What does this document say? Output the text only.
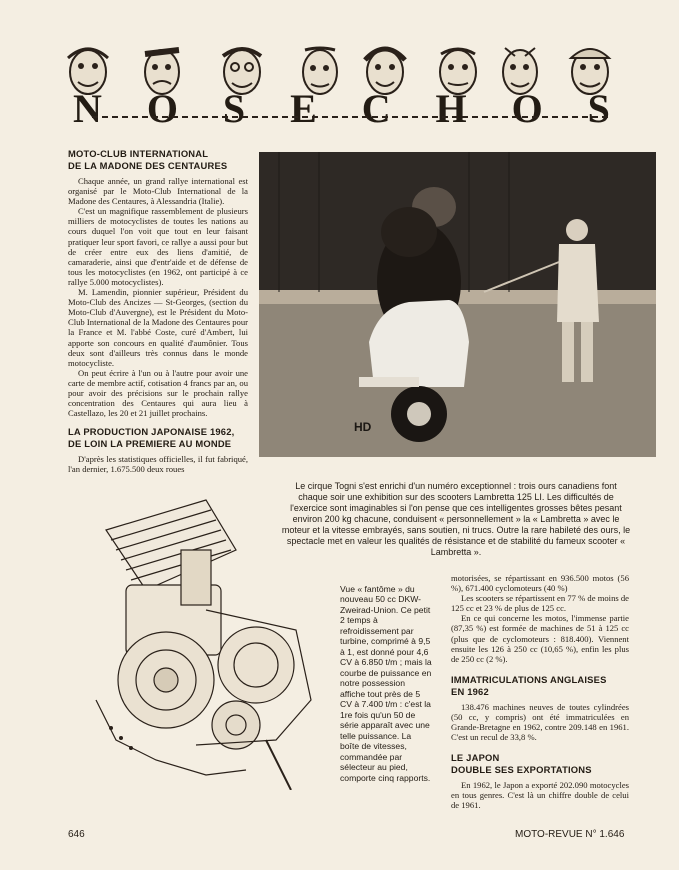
N O S E C H O S
MOTO-CLUB INTERNATIONAL
DE LA MADONE DES CENTAURES

Chaque année, un grand rallye international est organisé par le Moto-Club International de la Madone des Centaures, à Alessandria (Italie).

C'est un magnifique rassemblement de plusieurs milliers de motocyclistes de toutes les nations au cours duquel l'on voit que tout en leur faisant pratiquer leur sport favori, ce rallye a aussi pour but de créer entre eux des liens d'amitié, de camaraderie, ainsi que d'entr'aide et de défense de tous les motocyclistes (en 1962, ont participé à ce rallye 5.000 motocyclistes).

M. Lamendin, pionnier supérieur, Président du Moto-Club des Ancizes — St-Georges, (section du Moto-Club d'Auvergne), est le Président du Moto-Club International de la Madone des Centaures pour la France et M. l'abbé Coste, curé d'Ambert, lui apporte son concours en qualité d'aumônier. Tous deux sont d'ailleurs très connus dans le monde motocycliste.

On peut écrire à l'un ou à l'autre pour avoir une carte de membre actif, cotisation 4 francs par an, ou pour avoir des précisions sur le prochain rallye concentration des Centaures qui aura lieu à Castellazo, les 20 et 21 juillet prochains.

LA PRODUCTION JAPONAISE 1962,
DE LOIN LA PREMIERE AU MONDE

D'après les statistiques officielles, il fut fabriqué, l'an dernier, 1.675.500 deux roues

HD

Le cirque Togni s'est enrichi d'un numéro exceptionnel : trois ours canadiens font chaque soir une exhibition sur des scooters Lambretta 125 LI. Les difficultés de l'exercice sont imaginables si l'on pense que ces intelligentes grosses bêtes pesant environ 200 kg chacune, conduisent « personnellement » la « Lambretta » avec le moteur et la vitesse embrayés, sans soutien, ni trucs. Outre la rare habileté des ours, le spectacle met en valeur les qualités de résistance et de stabilité du fameux scooter « Lambretta ».

Vue « fantôme » du nouveau 50 cc DKW-Zweirad-Union. Ce petit 2 temps à refroidissement par turbine, comprimé à 9,5 à 1, est donné pour 4,6 CV à 6.850 t/m ; mais la courbe de puissance en notre possession affiche tout près de 5 CV à 7.400 t/m : c'est la 1re fois qu'un 50 de série apparaît avec une telle puissance. La boîte de vitesses, commandée par sélecteur au pied, comporte cinq rapports.

motorisées, se répartissant en 936.500 motos (56 %), 671.400 cyclomoteurs (40 %)

Les scooters se répartissent en 77 % de moins de 125 cc et 23 % de plus de 125 cc.

En ce qui concerne les motos, l'immense partie (87,35 %) est formée de machines de 51 à 125 cc (plus que de cyclomoteurs : 818.400). Viennent ensuite les 126 à 250 cc (10,65 %), enfin les plus de 250 cc (2 %).

IMMATRICULATIONS ANGLAISES
EN 1962

138.476 machines neuves de toutes cylindrées (50 cc, y compris) ont été immatriculées en Grande-Bretagne en 1962, contre 209.148 en 1961. C'est un recul de 33,8 %.

LE JAPON
DOUBLE SES EXPORTATIONS

En 1962, le Japon a exporté 202.090 motocycles en tous genres. C'est là un chiffre double de celui de 1961.

646	MOTO-REVUE N° 1.646
